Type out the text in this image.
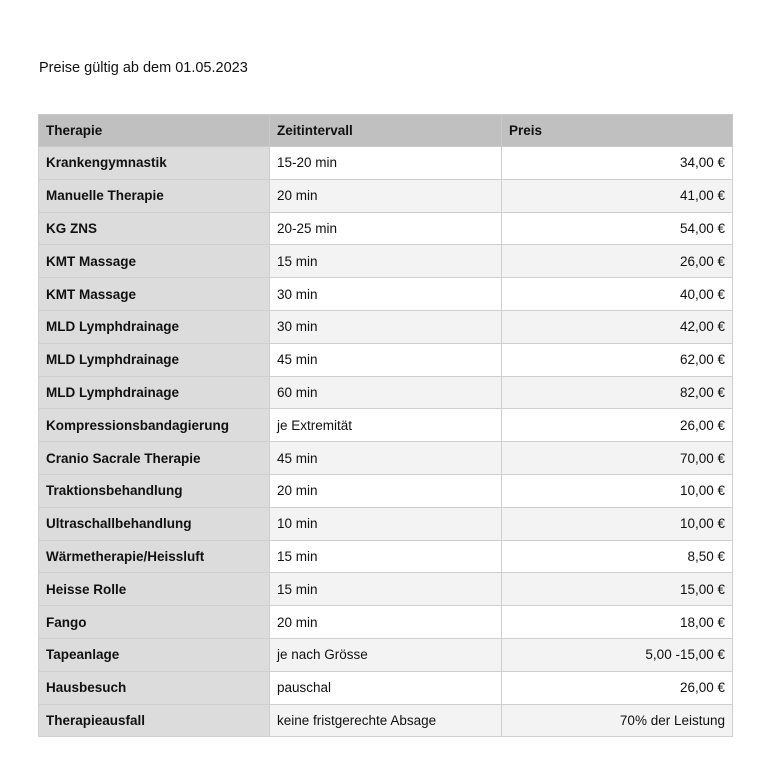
Preise gültig ab dem 01.05.2023
Therapie	Zeitintervall	Preis
Krankengymnastik	15-20 min	34,00 €
Manuelle Therapie	20 min	41,00 €
KG ZNS	20-25 min	54,00 €
KMT Massage	15 min	26,00 €
KMT Massage	30 min	40,00 €
MLD Lymphdrainage	30 min	42,00 €
MLD Lymphdrainage	45 min	62,00 €
MLD Lymphdrainage	60 min	82,00 €
Kompressionsbandagierung	je Extremität	26,00 €
Cranio Sacrale Therapie	45 min	70,00 €
Traktionsbehandlung	20 min	10,00 €
Ultraschallbehandlung	10 min	10,00 €
Wärmetherapie/Heissluft	15 min	8,50 €
Heisse Rolle	15 min	15,00 €
Fango	20 min	18,00 €
Tapeanlage	je nach Grösse	5,00 -15,00 €
Hausbesuch	pauschal	26,00 €
Therapieausfall	keine fristgerechte Absage	70% der Leistung
